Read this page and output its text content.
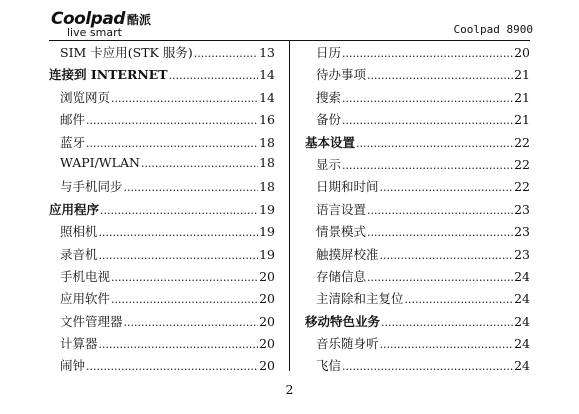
Coolpad 酷派
live smart	Coolpad 8900
SIM 卡应用(STK 服务) .....	13
连接到 INTERNET .....	14
浏览网页 .....	14
邮件 .....	16
蓝牙 .....	18
WAPI/WLAN .....	18
与手机同步 .....	18
应用程序 .....	19
照相机 .....	19
录音机 .....	19
手机电视 .....	20
应用软件 .....	20
文件管理器 .....	20
计算器 .....	20
闹钟 .....	20
日历 .....	20
待办事项 .....	21
搜索 .....	21
备份 .....	21
基本设置 .....	22
显示 .....	22
日期和时间 .....	22
语言设置 .....	23
情景模式 .....	23
触摸屏校准 .....	23
存储信息 .....	24
主清除和主复位 .....	24
移动特色业务 .....	24
音乐随身听 .....	24
飞信 .....	24
2
